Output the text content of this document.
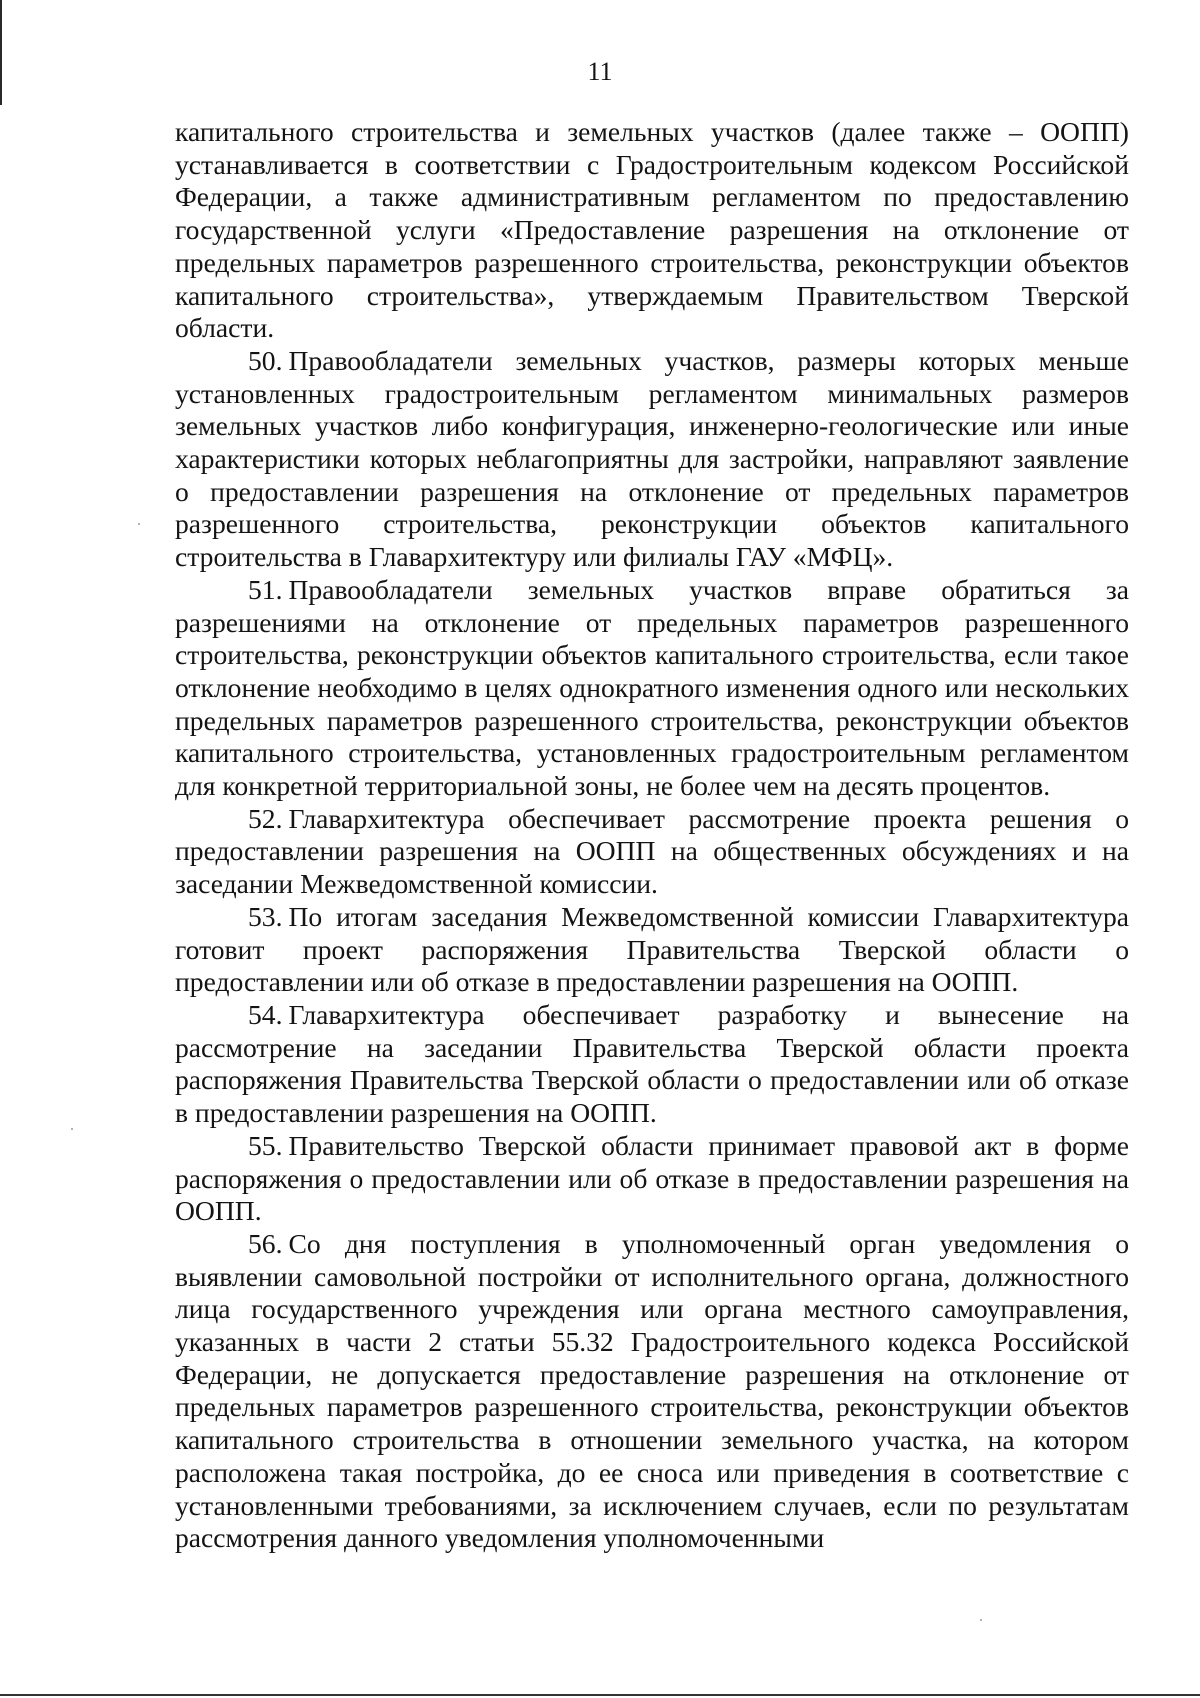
11

капитального строительства и земельных участков (далее также – ООПП) устанавливается в соответствии с Градостроительным кодексом Российской Федерации, а также административным регламентом по предоставлению государственной услуги «Предоставление разрешения на отклонение от предельных параметров разрешенного строительства, реконструкции объектов капитального строительства», утверждаемым Правительством Тверской области.

50. Правообладатели земельных участков, размеры которых меньше установленных градостроительным регламентом минимальных размеров земельных участков либо конфигурация, инженерно-геологические или иные характеристики которых неблагоприятны для застройки, направляют заявление о предоставлении разрешения на отклонение от предельных параметров разрешенного строительства, реконструкции объектов капитального строительства в Главархитектуру или филиалы ГАУ «МФЦ».

51. Правообладатели земельных участков вправе обратиться за разрешениями на отклонение от предельных параметров разрешенного строительства, реконструкции объектов капитального строительства, если такое отклонение необходимо в целях однократного изменения одного или нескольких предельных параметров разрешенного строительства, реконструкции объектов капитального строительства, установленных градостроительным регламентом для конкретной территориальной зоны, не более чем на десять процентов.

52. Главархитектура обеспечивает рассмотрение проекта решения о предоставлении разрешения на ООПП на общественных обсуждениях и на заседании Межведомственной комиссии.

53. По итогам заседания Межведомственной комиссии Главархитектура готовит проект распоряжения Правительства Тверской области о предоставлении или об отказе в предоставлении разрешения на ООПП.

54. Главархитектура обеспечивает разработку и вынесение на рассмотрение на заседании Правительства Тверской области проекта распоряжения Правительства Тверской области о предоставлении или об отказе в предоставлении разрешения на ООПП.

55. Правительство Тверской области принимает правовой акт в форме распоряжения о предоставлении или об отказе в предоставлении разрешения на ООПП.

56. Со дня поступления в уполномоченный орган уведомления о выявлении самовольной постройки от исполнительного органа, должностного лица государственного учреждения или органа местного самоуправления, указанных в части 2 статьи 55.32 Градостроительного кодекса Российской Федерации, не допускается предоставление разрешения на отклонение от предельных параметров разрешенного строительства, реконструкции объектов капитального строительства в отношении земельного участка, на котором расположена такая постройка, до ее сноса или приведения в соответствие с установленными требованиями, за исключением случаев, если по результатам рассмотрения данного уведомления уполномоченными
